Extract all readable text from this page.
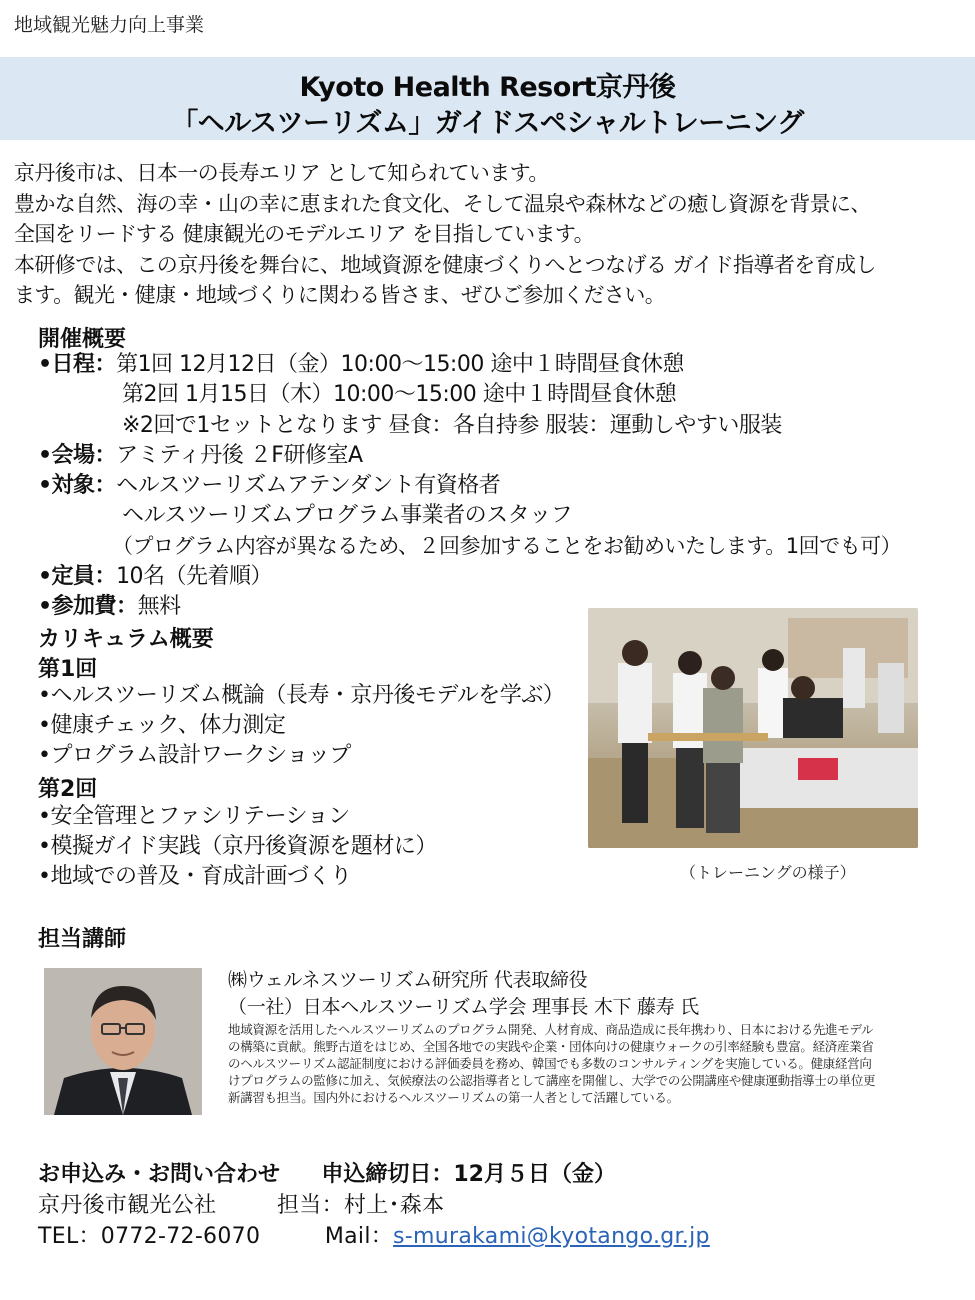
地域観光魅力向上事業
Kyoto Health Resort京丹後
「ヘルスツーリズム」ガイドスペシャルトレーニング

京丹後市は、日本一の長寿エリア として知られています。

豊かな自然、海の幸・山の幸に恵まれた食文化、そして温泉や森林などの癒し資源を背景に、

全国をリードする 健康観光のモデルエリア を目指しています。

本研修では、この京丹後を舞台に、地域資源を健康づくりへとつなげる ガイド指導者を育成し

ます。観光・健康・地域づくりに関わる皆さま、ぜひご参加ください。

開催概要
•日程：第1回 12月12日（金）10:00～15:00 途中１時間昼食休憩
第2回 1月15日（木）10:00～15:00 途中１時間昼食休憩
※2回で1セットとなります 昼食：各自持参 服装：運動しやすい服装
•会場：アミティ丹後 ２F研修室A
•対象：ヘルスツーリズムアテンダント有資格者
ヘルスツーリズムプログラム事業者のスタッフ
（プログラム内容が異なるため、２回参加することをお勧めいたします。1回でも可）
•定員：10名（先着順）
•参加費：無料
カリキュラム概要
第1回
•ヘルスツーリズム概論（長寿・京丹後モデルを学ぶ）
•健康チェック、体力測定
•プログラム設計ワークショップ
第2回
•安全管理とファシリテーション
•模擬ガイド実践（京丹後資源を題材に）
•地域での普及・育成計画づくり	（トレーニングの様子）
担当講師
㈱ウェルネスツーリズム研究所 代表取締役
（一社）日本ヘルスツーリズム学会 理事長 木下 藤寿 氏
地域資源を活用したヘルスツーリズムのプログラム開発、人材育成、商品造成に長年携わり、日本における先進モデルの構築に貢献。熊野古道をはじめ、全国各地での実践や企業・団体向けの健康ウォークの引率経験も豊富。経済産業省のヘルスツーリズム認証制度における評価委員を務め、韓国でも多数のコンサルティングを実施している。健康経営向けプログラムの監修に加え、気候療法の公認指導者として講座を開催し、大学での公開講座や健康運動指導士の単位更新講習も担当。国内外におけるヘルスツーリズムの第一人者として活躍している。
お申込み・お問い合わせ 申込締切日：12月５日（金）
京丹後市観光公社	担当：村上･森本
TEL：0772-72-6070	Mail：s-murakami@kyotango.gr.jp
